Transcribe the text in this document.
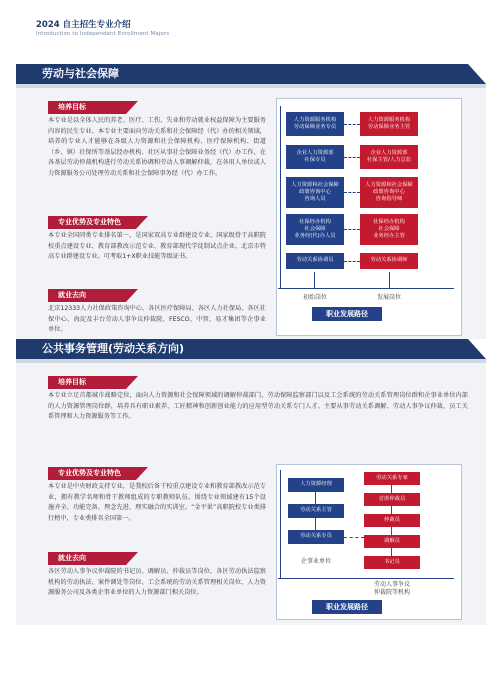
2024 自主招生专业介绍
Introduction to Independent Enrollment Majors
劳动与社会保障
培养目标
本专业是以全体人民的养老、医疗、工伤、失业和劳动就业权益保障为主要服务内容的民生专业。本专业主要面向劳动关系和社会保障经（代）办的相关领域，培养的专业人才能够在各级人力资源和社会保障机构、医疗保障机构、街道（乡、镇）社保所等基层经办机构、社区从事社会保障业务经（代）办工作，在各基层劳动仲裁机构进行劳动关系协调和劳动人事调解仲裁，在各用人单位或人力资源服务公司处理劳动关系和社会保障事务经（代）办工作。
专业优势及专业特色
本专业全国同类专业排名第一，是国家双高专业群建设专业、国家级骨干高职院校重点建设专业、教育部教改示范专业、教育部现代学徒制试点企业、北京市特高专业群建设专业。可考取1+X职业技能等级证书。
就业去向
北京12333人力社保政策咨询中心、各区医疗保障局、各区人力社保局、各区社保中心、海淀及丰台劳动人事争议仲裁院、FESCO、中智、易才集团等企事业单位。
人力资源服务机构
劳动保障业务专员
企业人力资源部
社保专员
人力资源和社会保障
政策咨询中心
咨询人员
社保经办机构
社会保障
业务经(代)办人员
劳动关系协调员
人力资源服务机构
劳动保障业务主管
企业人力资源部
社保主管/人力总监
人力资源和社会保障
政策咨询中心
咨询指导师
社保经办机构
社会保障
业务经办主管
劳动关系协调师
初始岗位	发展岗位
职业发展路径
公共事务管理(劳动关系方向)
培养目标
本专业立足首都城市战略定位，面向人力资源和社会保障领域的调解仲裁部门、劳动保障监察部门以及工会系统的劳动关系管理岗位群和企事业单位内部的人力资源管理岗位群，培养具有职业素养、工匠精神和创新创业能力的应用型劳动关系专门人才。主要从事劳动关系调解、劳动人事争议仲裁、员工关系管理和人力资源服务等工作。
专业优势及专业特色
本专业是中央财政支持专业，是我校后备干校重点建设专业和教育部教改示范专业，拥有教学名师和骨干教师组成的专职教师队伍。围绕专业领域建有15个设施齐全、功能完备、理念先进、理实融合的实训室。“金平果”高职院校专业类排行榜中，专业类排名全国第一。
就业去向
各区劳动人事争议仲裁院的书记员、调解员、仲裁员等岗位、各区劳动执法监察机构的劳动执法、案件调处等岗位、工会系统的劳动关系管理相关岗位、人力资源服务公司及各类企事业单位的人力资源部门相关岗位。
人力资源经理
劳动关系主管
劳动关系专员
劳动关系专家
首席仲裁员
仲裁员
调解员
书记员
企事业单位
劳动人事争议
仲裁院等机构
职业发展路径
